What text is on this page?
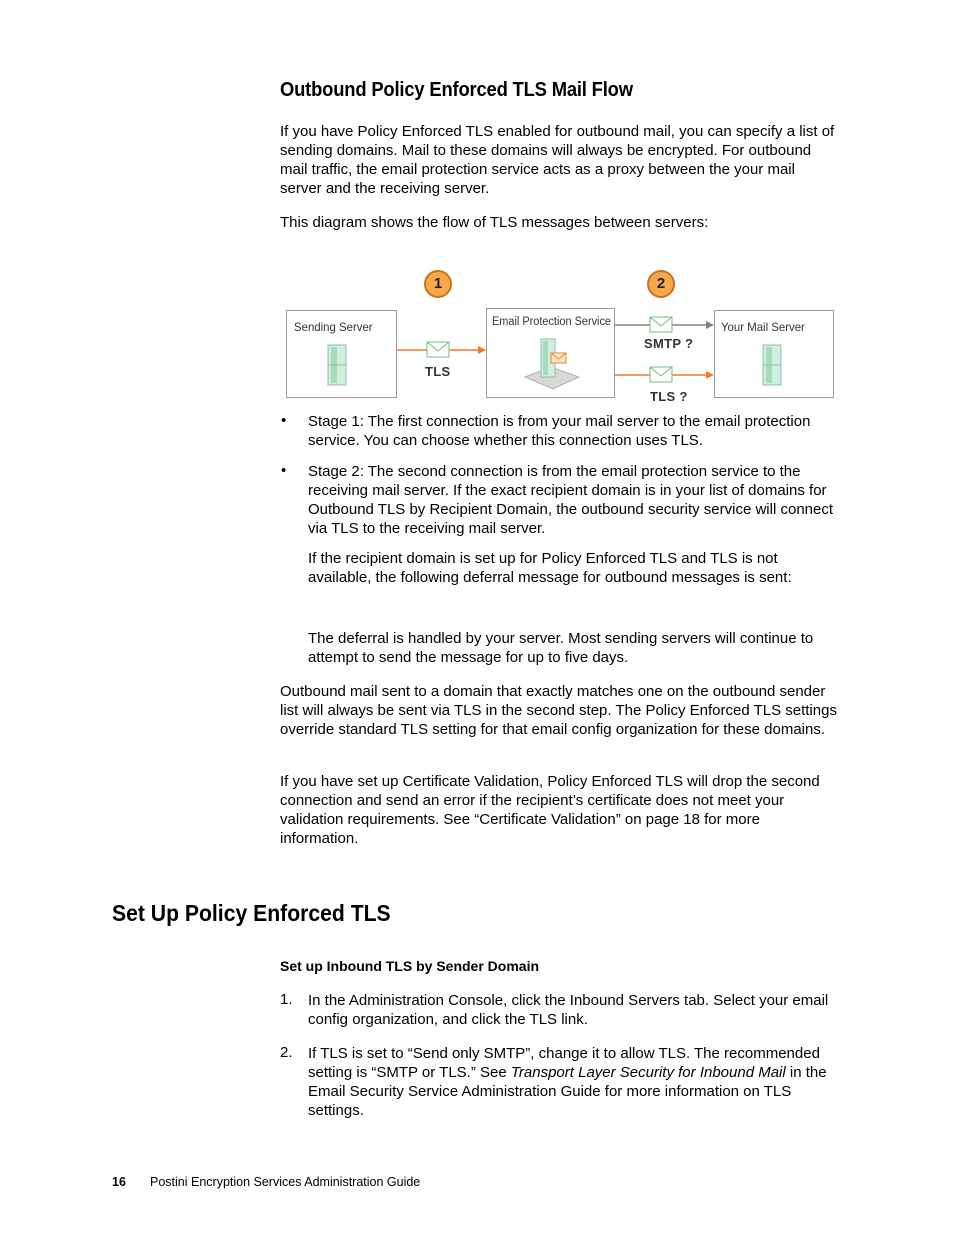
Outbound Policy Enforced TLS Mail Flow
If you have Policy Enforced TLS enabled for outbound mail, you can specify a list of sending domains. Mail to these domains will always be encrypted. For outbound mail traffic, the email protection service acts as a proxy between the your mail server and the receiving server.
This diagram shows the flow of TLS messages between servers:
1	2
Sending Server	Email Protection Service	Your Mail Server
TLS
SMTP ?
TLS ?
• Stage 1: The first connection is from your mail server to the email protection service. You can choose whether this connection uses TLS.
• Stage 2: The second connection is from the email protection service to the receiving mail server. If the exact recipient domain is in your list of domains for Outbound TLS by Recipient Domain, the outbound security service will connect via TLS to the receiving mail server.
If the recipient domain is set up for Policy Enforced TLS and TLS is not available, the following deferral message for outbound messages is sent:
The deferral is handled by your server. Most sending servers will continue to attempt to send the message for up to five days.
Outbound mail sent to a domain that exactly matches one on the outbound sender list will always be sent via TLS in the second step. The Policy Enforced TLS settings override standard TLS setting for that email config organization for these domains.
If you have set up Certificate Validation, Policy Enforced TLS will drop the second connection and send an error if the recipient’s certificate does not meet your validation requirements. See “Certificate Validation” on page 18 for more information.
Set Up Policy Enforced TLS
Set up Inbound TLS by Sender Domain
1. In the Administration Console, click the Inbound Servers tab. Select your email config organization, and click the TLS link.
2. If TLS is set to “Send only SMTP”, change it to allow TLS. The recommended setting is “SMTP or TLS.” See Transport Layer Security for Inbound Mail in the Email Security Service Administration Guide for more information on TLS settings.
16 Postini Encryption Services Administration Guide
